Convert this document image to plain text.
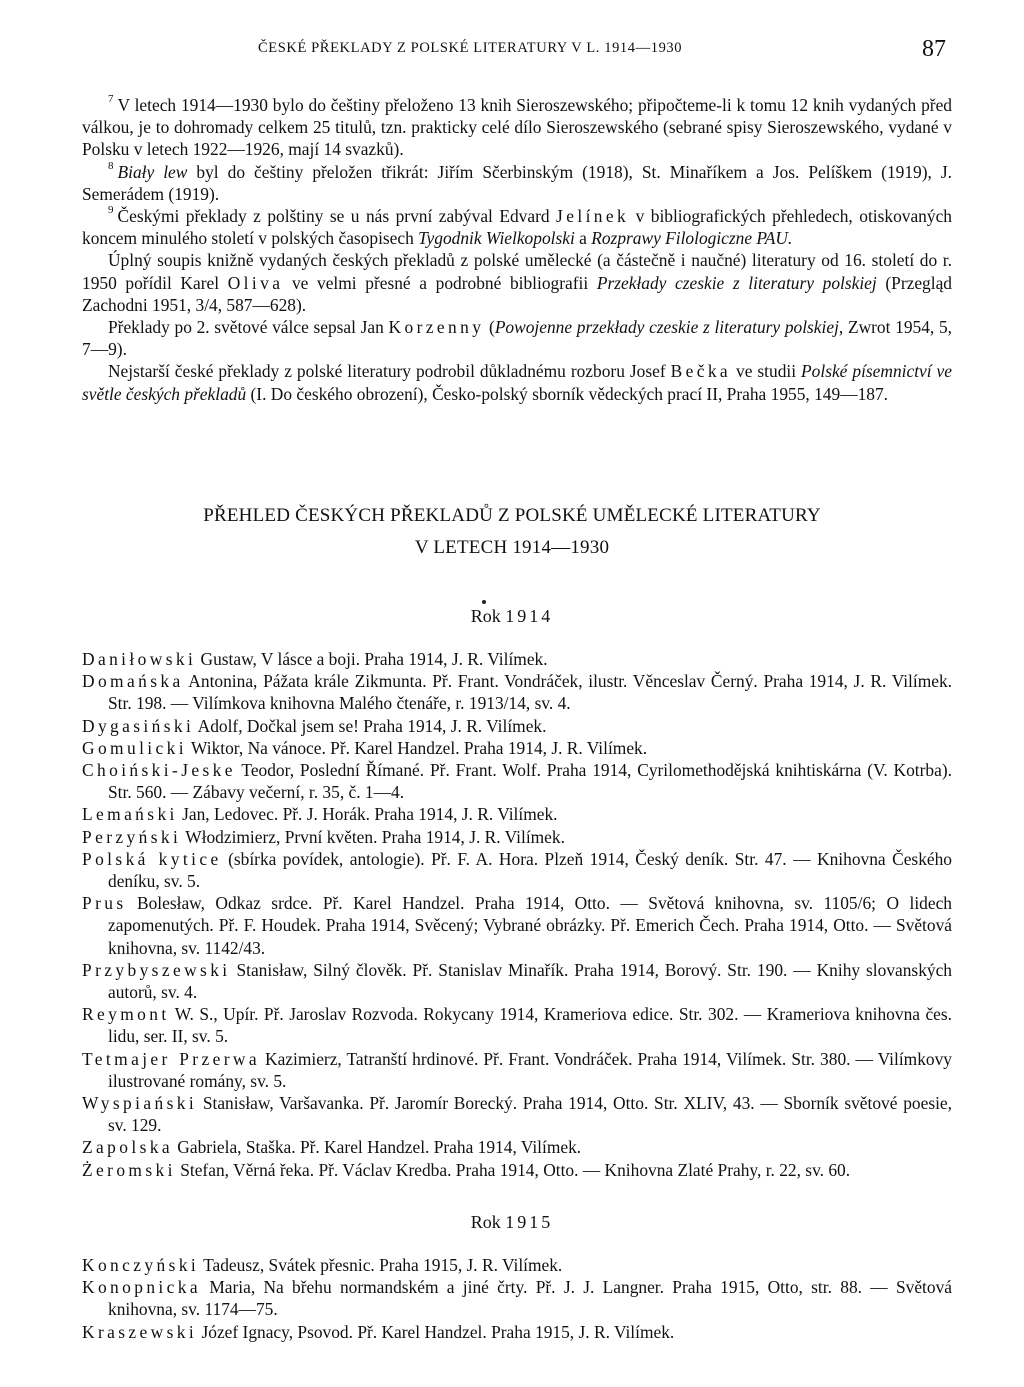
ČESKÉ PŘEKLADY Z POLSKÉ LITERATURY V L. 1914—1930	87

$^7$ V letech 1914—1930 bylo do češtiny přeloženo 13 knih Sieroszewského; připočteme-li k tomu 12 knih vydaných před válkou, je to dohromady celkem 25 titulů, tzn. prakticky celé dílo Sieroszewského (sebrané spisy Sieroszewského, vydané v Polsku v letech 1922—1926, mají 14 svazků).

$^8$ Biały lew byl do češtiny přeložen třikrát: Jiřím Sčerbinským (1918), St. Minaříkem a Jos. Pelíškem (1919), J. Semerádem (1919).

$^9$ Českými překlady z polštiny se u nás první zabýval Edvard Jelínek v bibliografických přehledech, otiskovaných koncem minulého století v polských časopisech Tygodnik Wielkopolski a Rozprawy Filologiczne PAU.

Úplný soupis knižně vydaných českých překladů z polské umělecké (a částečně i naučné) literatury od 16. století do r. 1950 pořídil Karel Oliva ve velmi přesné a podrobné bibliografii Przekłady czeskie z literatury polskiej (Przegląd Zachodni 1951, 3/4, 587—628).

Překlady po 2. světové válce sepsal Jan Korzenny (Powojenne przekłady czeskie z literatury polskiej, Zwrot 1954, 5, 7—9).

Nejstarší české překlady z polské literatury podrobil důkladnému rozboru Josef Bečka ve studii Polské písemnictví ve světle českých překladů (I. Do českého obrození), Česko-polský sborník vědeckých prací II, Praha 1955, 149—187.

PŘEHLED ČESKÝCH PŘEKLADŮ Z POLSKÉ UMĚLECKÉ LITERATURY
V LETECH 1914—1930
Rok 1914

Daniłowski Gustaw, V lásce a boji. Praha 1914, J. R. Vilímek.

Domańska Antonina, Pážata krále Zikmunta. Př. Frant. Vondráček, ilustr. Věnceslav Černý. Praha 1914, J. R. Vilímek. Str. 198. — Vilímkova knihovna Malého čtenáře, r. 1913/14, sv. 4.

Dygasiński Adolf, Dočkal jsem se! Praha 1914, J. R. Vilímek.

Gomulicki Wiktor, Na vánoce. Př. Karel Handzel. Praha 1914, J. R. Vilímek.

Choiński-Jeske Teodor, Poslední Římané. Př. Frant. Wolf. Praha 1914, Cyrilomethodějská knihtiskárna (V. Kotrba). Str. 560. — Zábavy večerní, r. 35, č. 1—4.

Lemański Jan, Ledovec. Př. J. Horák. Praha 1914, J. R. Vilímek.

Perzyński Włodzimierz, První květen. Praha 1914, J. R. Vilímek.

Polská kytice (sbírka povídek, antologie). Př. F. A. Hora. Plzeň 1914, Český deník. Str. 47. — Knihovna Českého deníku, sv. 5.

Prus Bolesław, Odkaz srdce. Př. Karel Handzel. Praha 1914, Otto. — Světová knihovna, sv. 1105/6; O lidech zapomenutých. Př. F. Houdek. Praha 1914, Svěcený; Vybrané obrázky. Př. Emerich Čech. Praha 1914, Otto. — Světová knihovna, sv. 1142/43.

Przybyszewski Stanisław, Silný člověk. Př. Stanislav Minařík. Praha 1914, Borový. Str. 190. — Knihy slovanských autorů, sv. 4.

Reymont W. S., Upír. Př. Jaroslav Rozvoda. Rokycany 1914, Krameriova edice. Str. 302. — Krameriova knihovna čes. lidu, ser. II, sv. 5.

Tetmajer Przerwa Kazimierz, Tatranští hrdinové. Př. Frant. Vondráček. Praha 1914, Vilímek. Str. 380. — Vilímkovy ilustrované romány, sv. 5.

Wyspiański Stanisław, Varšavanka. Př. Jaromír Borecký. Praha 1914, Otto. Str. XLIV, 43. — Sborník světové poesie, sv. 129.

Zapolska Gabriela, Staška. Př. Karel Handzel. Praha 1914, Vilímek.

Żeromski Stefan, Věrná řeka. Př. Václav Kredba. Praha 1914, Otto. — Knihovna Zlaté Prahy, r. 22, sv. 60.

Rok 1915

Konczyński Tadeusz, Svátek přesnic. Praha 1915, J. R. Vilímek.

Konopnicka Maria, Na břehu normandském a jiné črty. Př. J. J. Langner. Praha 1915, Otto, str. 88. — Světová knihovna, sv. 1174—75.

Kraszewski Józef Ignacy, Psovod. Př. Karel Handzel. Praha 1915, J. R. Vilímek.
